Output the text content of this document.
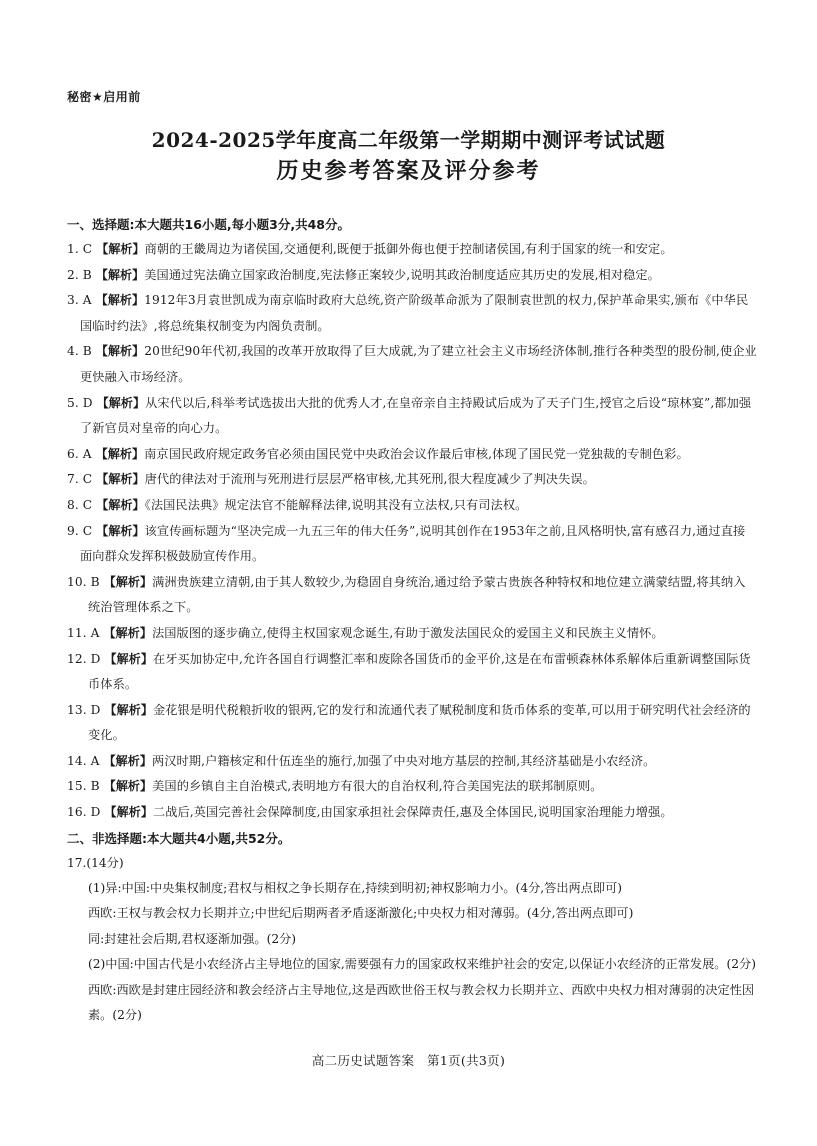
秘密★启用前
2024-2025学年度高二年级第一学期期中测评考试试题
历史参考答案及评分参考
一、选择题:本大题共16小题,每小题3分,共48分。
1. C 【解析】商朝的王畿周边为诸侯国,交通便利,既便于抵御外侮也便于控制诸侯国,有利于国家的统一和安定。
2. B 【解析】美国通过宪法确立国家政治制度,宪法修正案较少,说明其政治制度适应其历史的发展,相对稳定。
3. A 【解析】1912年3月袁世凯成为南京临时政府大总统,资产阶级革命派为了限制袁世凯的权力,保护革命果实,颁布《中华民国临时约法》,将总统集权制变为内阁负责制。
4. B 【解析】20世纪90年代初,我国的改革开放取得了巨大成就,为了建立社会主义市场经济体制,推行各种类型的股份制,使企业更快融入市场经济。
5. D 【解析】从宋代以后,科举考试选拔出大批的优秀人才,在皇帝亲自主持殿试后成为了天子门生,授官之后设“琼林宴”,都加强了新官员对皇帝的向心力。
6. A 【解析】南京国民政府规定政务官必须由国民党中央政治会议作最后审核,体现了国民党一党独裁的专制色彩。
7. C 【解析】唐代的律法对于流刑与死刑进行层层严格审核,尤其死刑,很大程度减少了判决失误。
8. C 【解析】《法国民法典》规定法官不能解释法律,说明其没有立法权,只有司法权。
9. C 【解析】该宣传画标题为“坚决完成一九五三年的伟大任务”,说明其创作在1953年之前,且风格明快,富有感召力,通过直接面向群众发挥积极鼓励宣传作用。
10. B 【解析】满洲贵族建立清朝,由于其人数较少,为稳固自身统治,通过给予蒙古贵族各种特权和地位建立满蒙结盟,将其纳入统治管理体系之下。
11. A 【解析】法国版图的逐步确立,使得主权国家观念诞生,有助于激发法国民众的爱国主义和民族主义情怀。
12. D 【解析】在牙买加协定中,允许各国自行调整汇率和废除各国货币的金平价,这是在布雷顿森林体系解体后重新调整国际货币体系。
13. D 【解析】金花银是明代税粮折收的银两,它的发行和流通代表了赋税制度和货币体系的变革,可以用于研究明代社会经济的变化。
14. A 【解析】两汉时期,户籍核定和什伍连坐的施行,加强了中央对地方基层的控制,其经济基础是小农经济。
15. B 【解析】美国的乡镇自主自治模式,表明地方有很大的自治权利,符合美国宪法的联邦制原则。
16. D 【解析】二战后,英国完善社会保障制度,由国家承担社会保障责任,惠及全体国民,说明国家治理能力增强。
二、非选择题:本大题共4小题,共52分。
17.(14分)
(1)异:中国:中央集权制度;君权与相权之争长期存在,持续到明初;神权影响力小。(4分,答出两点即可)
西欧:王权与教会权力长期并立;中世纪后期两者矛盾逐渐激化;中央权力相对薄弱。(4分,答出两点即可)
同:封建社会后期,君权逐渐加强。(2分)
(2)中国:中国古代是小农经济占主导地位的国家,需要强有力的国家政权来维护社会的安定,以保证小农经济的正常发展。(2分)
西欧:西欧是封建庄园经济和教会经济占主导地位,这是西欧世俗王权与教会权力长期并立、西欧中央权力相对薄弱的决定性因素。(2分)
高二历史试题答案　第1页(共3页)
